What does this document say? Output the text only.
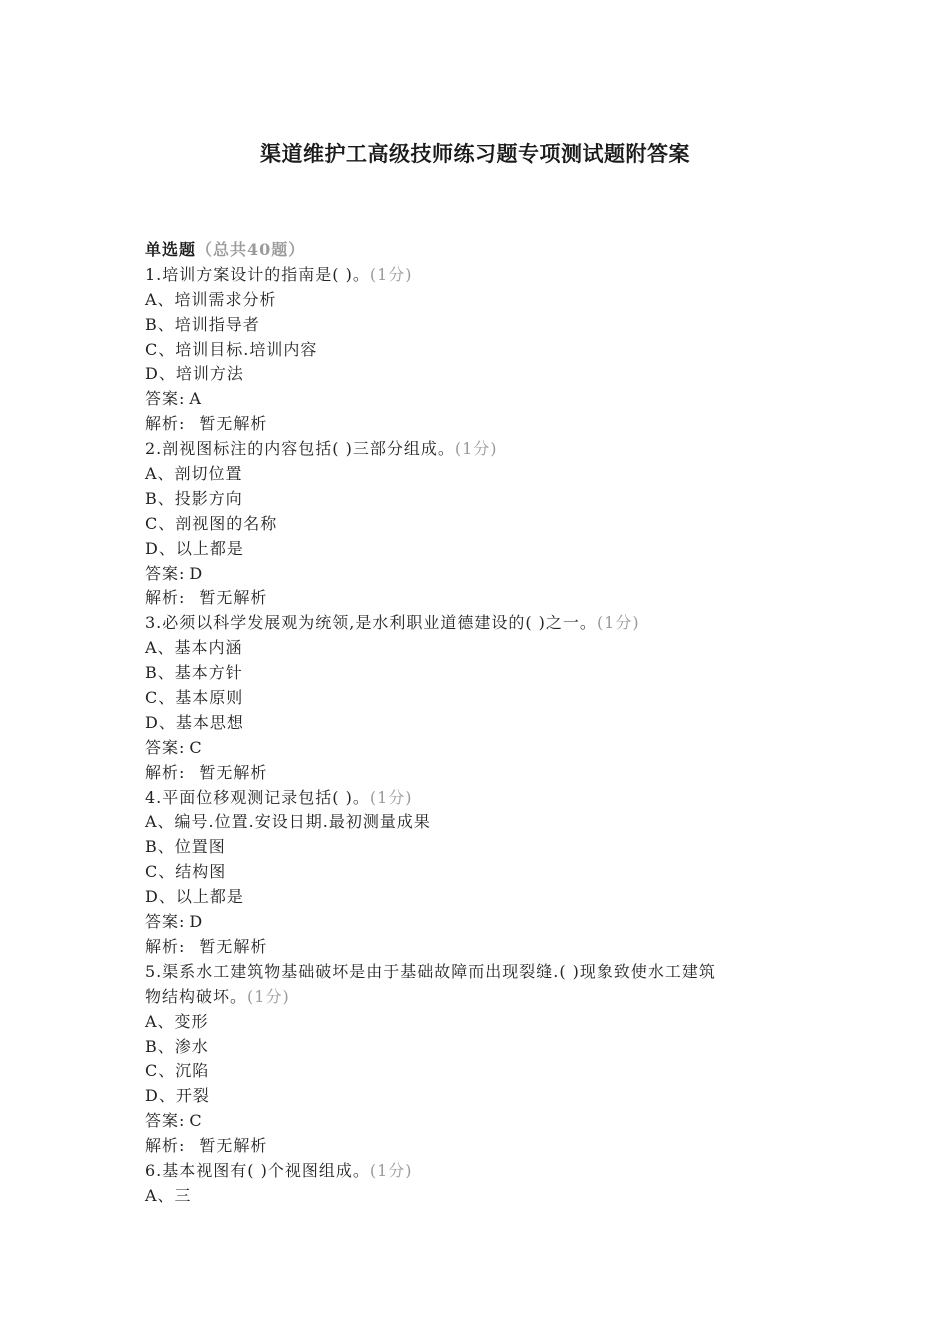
渠道维护工高级技师练习题专项测试题附答案
单选题（总共40题）
1.培训方案设计的指南是( )。(1分)
A、培训需求分析
B、培训指导者
C、培训目标.培训内容
D、培训方法
答案: A
解析: 暂无解析
2.剖视图标注的内容包括( )三部分组成。(1分)
A、剖切位置
B、投影方向
C、剖视图的名称
D、以上都是
答案: D
解析: 暂无解析
3.必须以科学发展观为统领,是水利职业道德建设的( )之一。(1分)
A、基本内涵
B、基本方针
C、基本原则
D、基本思想
答案: C
解析: 暂无解析
4.平面位移观测记录包括( )。(1分)
A、编号.位置.安设日期.最初测量成果
B、位置图
C、结构图
D、以上都是
答案: D
解析: 暂无解析
5.渠系水工建筑物基础破坏是由于基础故障而出现裂缝.( )现象致使水工建筑
物结构破坏。(1分)
A、变形
B、渗水
C、沉陷
D、开裂
答案: C
解析: 暂无解析
6.基本视图有( )个视图组成。(1分)
A、三
